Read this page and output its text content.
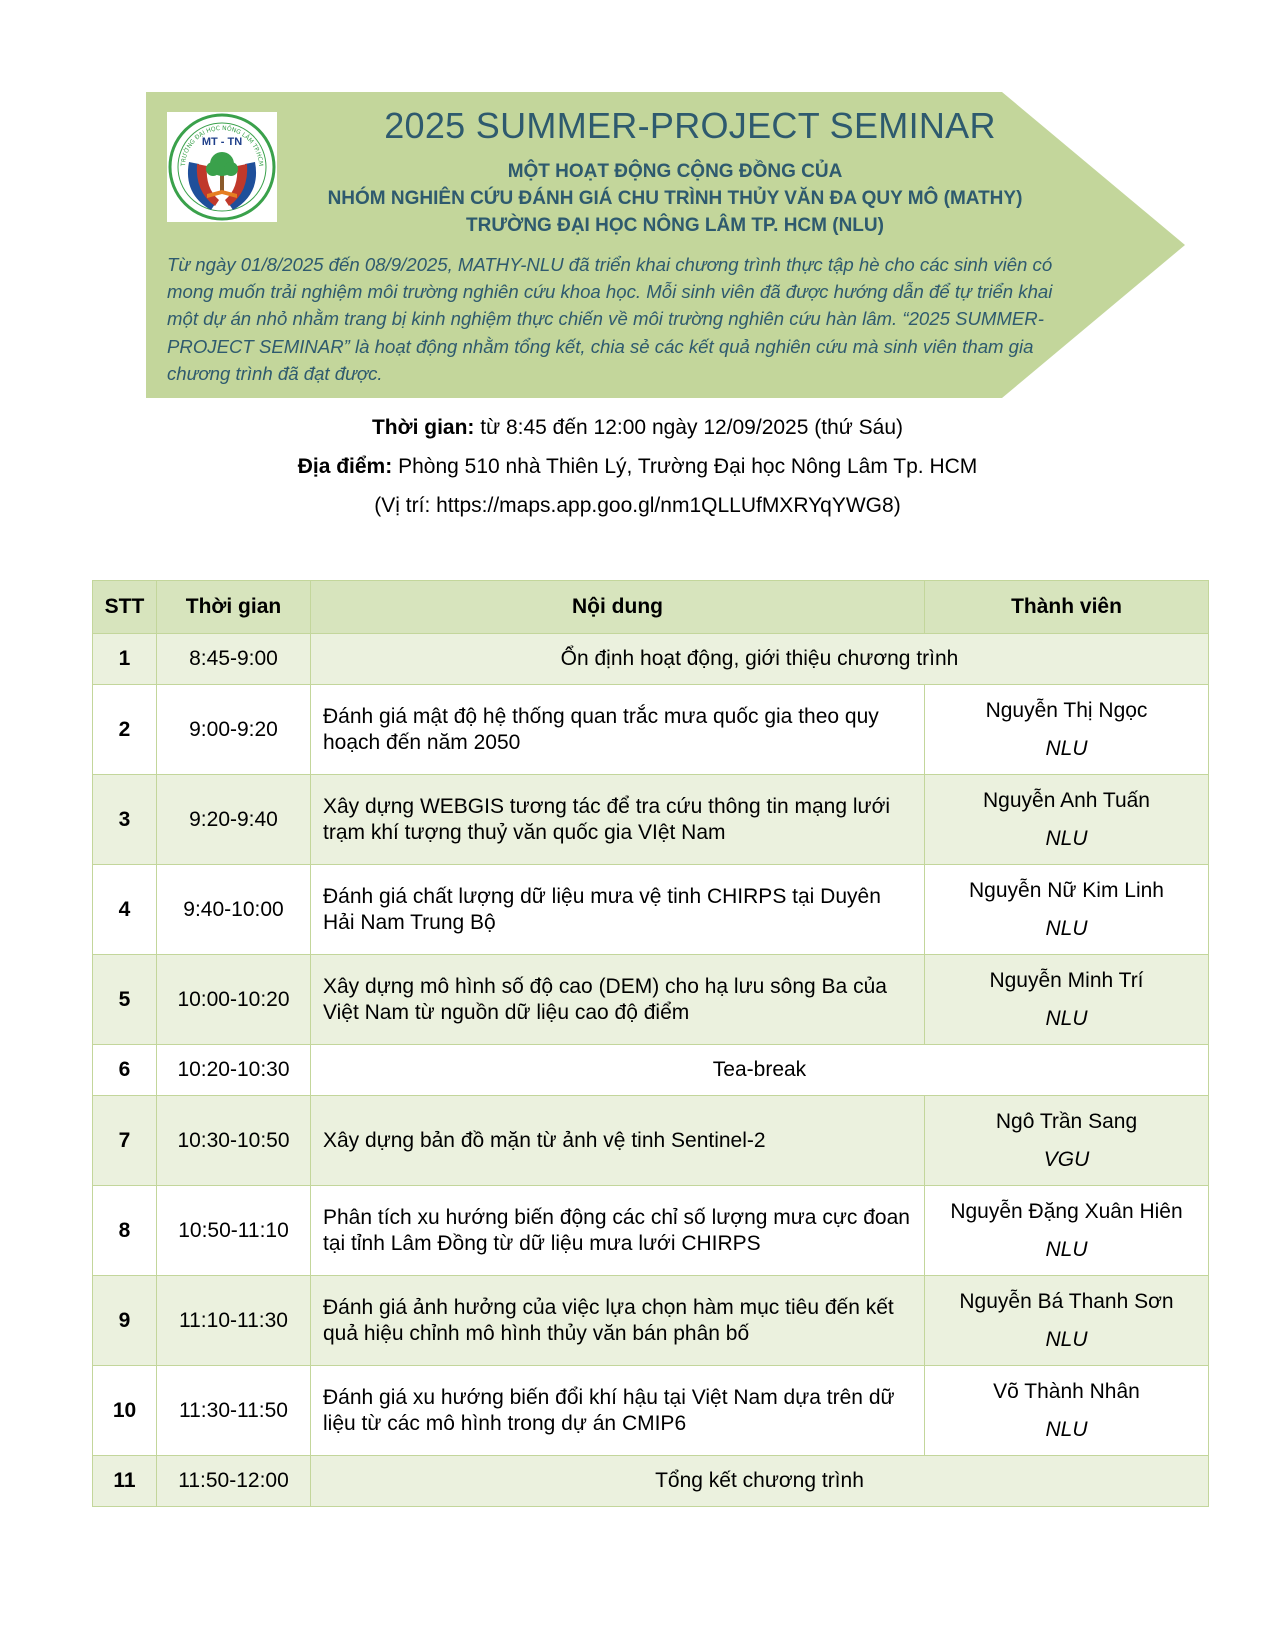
TRƯỜNG ĐẠI HỌC NÔNG LÂM TP.HCM
MT - TN	2025 SUMMER-PROJECT SEMINAR
MỘT HOẠT ĐỘNG CỘNG ĐỒNG CỦA
NHÓM NGHIÊN CỨU ĐÁNH GIÁ CHU TRÌNH THỦY VĂN ĐA QUY MÔ (MATHY)
TRƯỜNG ĐẠI HỌC NÔNG LÂM TP. HCM (NLU)
Từ ngày 01/8/2025 đến 08/9/2025, MATHY-NLU đã triển khai chương trình thực tập hè cho các sinh viên có mong muốn trải nghiệm môi trường nghiên cứu khoa học. Mỗi sinh viên đã được hướng dẫn để tự triển khai một dự án nhỏ nhằm trang bị kinh nghiệm thực chiến về môi trường nghiên cứu hàn lâm. “2025 SUMMER-PROJECT SEMINAR” là hoạt động nhằm tổng kết, chia sẻ các kết quả nghiên cứu mà sinh viên tham gia chương trình đã đạt được.
Thời gian: từ 8:45 đến 12:00 ngày 12/09/2025 (thứ Sáu)
Địa điểm: Phòng 510 nhà Thiên Lý, Trường Đại học Nông Lâm Tp. HCM
(Vị trí: https://maps.app.goo.gl/nm1QLLUfMXRYqYWG8)
STT	Thời gian	Nội dung	Thành viên
1	8:45-9:00	Ổn định hoạt động, giới thiệu chương trình	
2	9:00-9:20	Đánh giá mật độ hệ thống quan trắc mưa quốc gia theo quy hoạch đến năm 2050	Nguyễn Thị Ngọc
NLU

3	9:20-9:40	Xây dựng WEBGIS tương tác để tra cứu thông tin mạng lưới trạm khí tượng thuỷ văn quốc gia VIệt Nam	Nguyễn Anh Tuấn
NLU

4	9:40-10:00	Đánh giá chất lượng dữ liệu mưa vệ tinh CHIRPS tại Duyên Hải Nam Trung Bộ	Nguyễn Nữ Kim Linh
NLU

5	10:00-10:20	Xây dựng mô hình số độ cao (DEM) cho hạ lưu sông Ba của Việt Nam từ nguồn dữ liệu cao độ điểm	Nguyễn Minh Trí
NLU

6	10:20-10:30	Tea-break	
7	10:30-10:50	Xây dựng bản đồ mặn từ ảnh vệ tinh Sentinel-2	Ngô Trần Sang
VGU

8	10:50-11:10	Phân tích xu hướng biến động các chỉ số lượng mưa cực đoan tại tỉnh Lâm Đồng từ dữ liệu mưa lưới CHIRPS	Nguyễn Đặng Xuân Hiên
NLU

9	11:10-11:30	Đánh giá ảnh hưởng của việc lựa chọn hàm mục tiêu đến kết quả hiệu chỉnh mô hình thủy văn bán phân bố	Nguyễn Bá Thanh Sơn
NLU

10	11:30-11:50	Đánh giá xu hướng biến đổi khí hậu tại Việt Nam dựa trên dữ liệu từ các mô hình trong dự án CMIP6	Võ Thành Nhân
NLU

11	11:50-12:00	Tổng kết chương trình	
